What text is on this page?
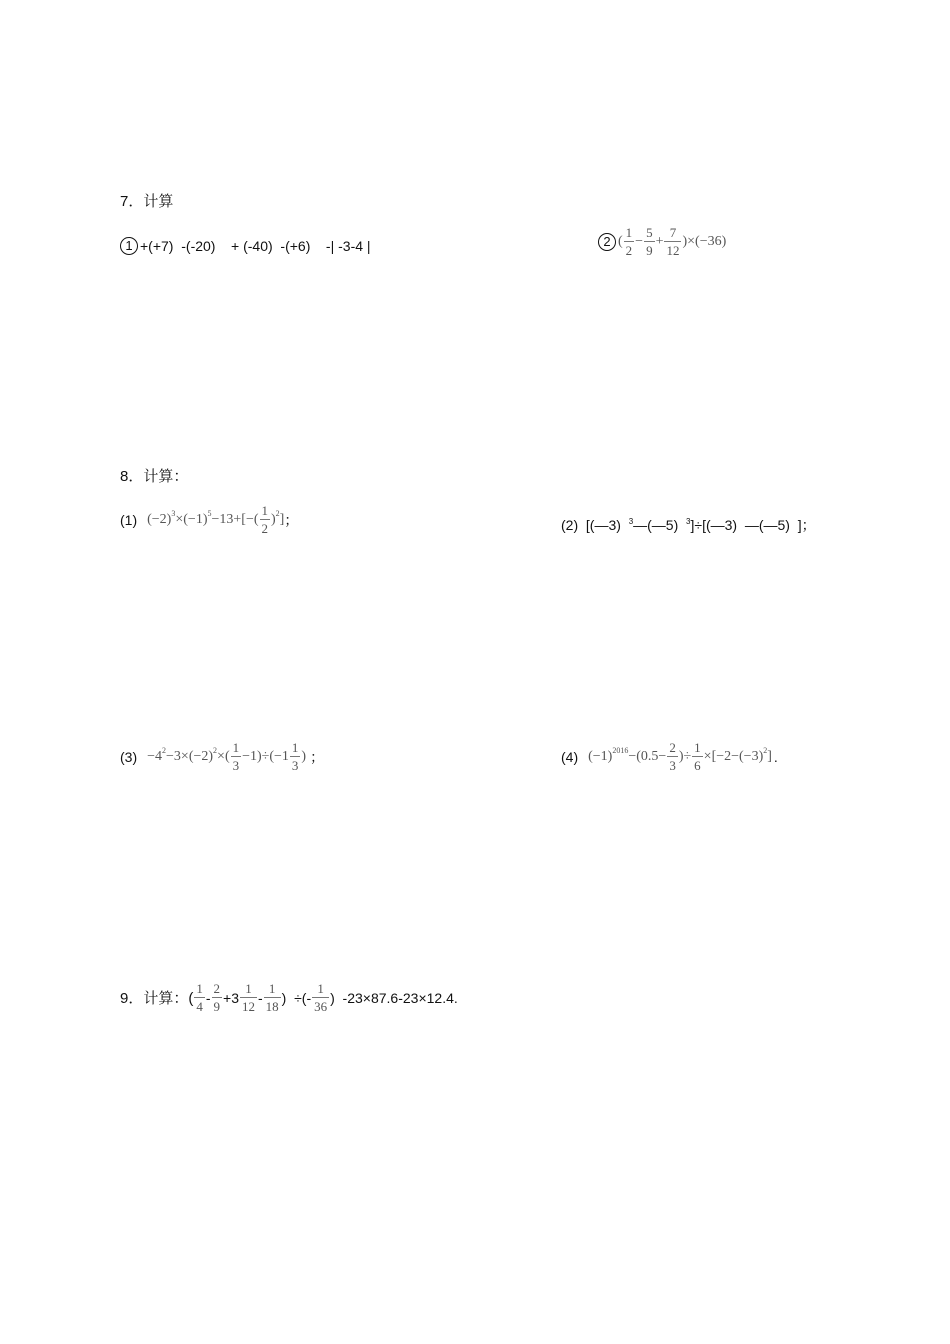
7．计算
1 +(+7)  -(-20)    + (-40)  -(+6)    -| -3-4 |	2 ( $\frac{1}{2} - \frac{5}{9} + \frac{7}{12} )\times(-36)$
8．计算：
(1) $(-2)^3 \times(-1)^5 -13+[-( \frac{1}{2} )^2$ ] ；	(2) [(—3) $^3$—(—5) $^3$]÷[(—3)  —(—5)  ]；
$(3) -4^2 -3\times(-2)^2$ ×( $\frac{1}{3} -1)\div(-1 \frac{1}{3}$ ) ；	(4) $(-1)^{2016} -(0.5- \frac{2}{3}$ )÷ $\frac{1}{6} \times[-2-(-3)^2$ ] .
9．计算：( $\frac{1}{4} - \frac{2}{9} +3 \frac{1}{12} - \frac{1}{18}$ )  ÷(- $\frac{1}{36}$ )  -23×87.6-23×12.4.
